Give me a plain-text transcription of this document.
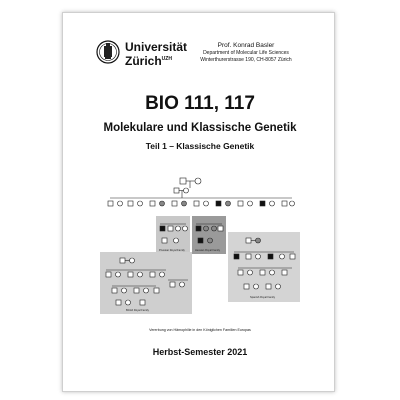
Universität
Zürich$^{UZH}$
Prof. Konrad Basler
Department of Molecular Life Sciences
Winterthurerstrasse 190, CH-8057 Zürich
BIO 111, 117
Molekulare und Klassische Genetik
Teil 1 – Klassische Genetik
Prussian Royal Family	Hessian Royal Family
British Royal Family
Spanish Royal Family
Vererbung von Hämophilie in den Königlichen Familien Europas
Herbst-Semester 2021
